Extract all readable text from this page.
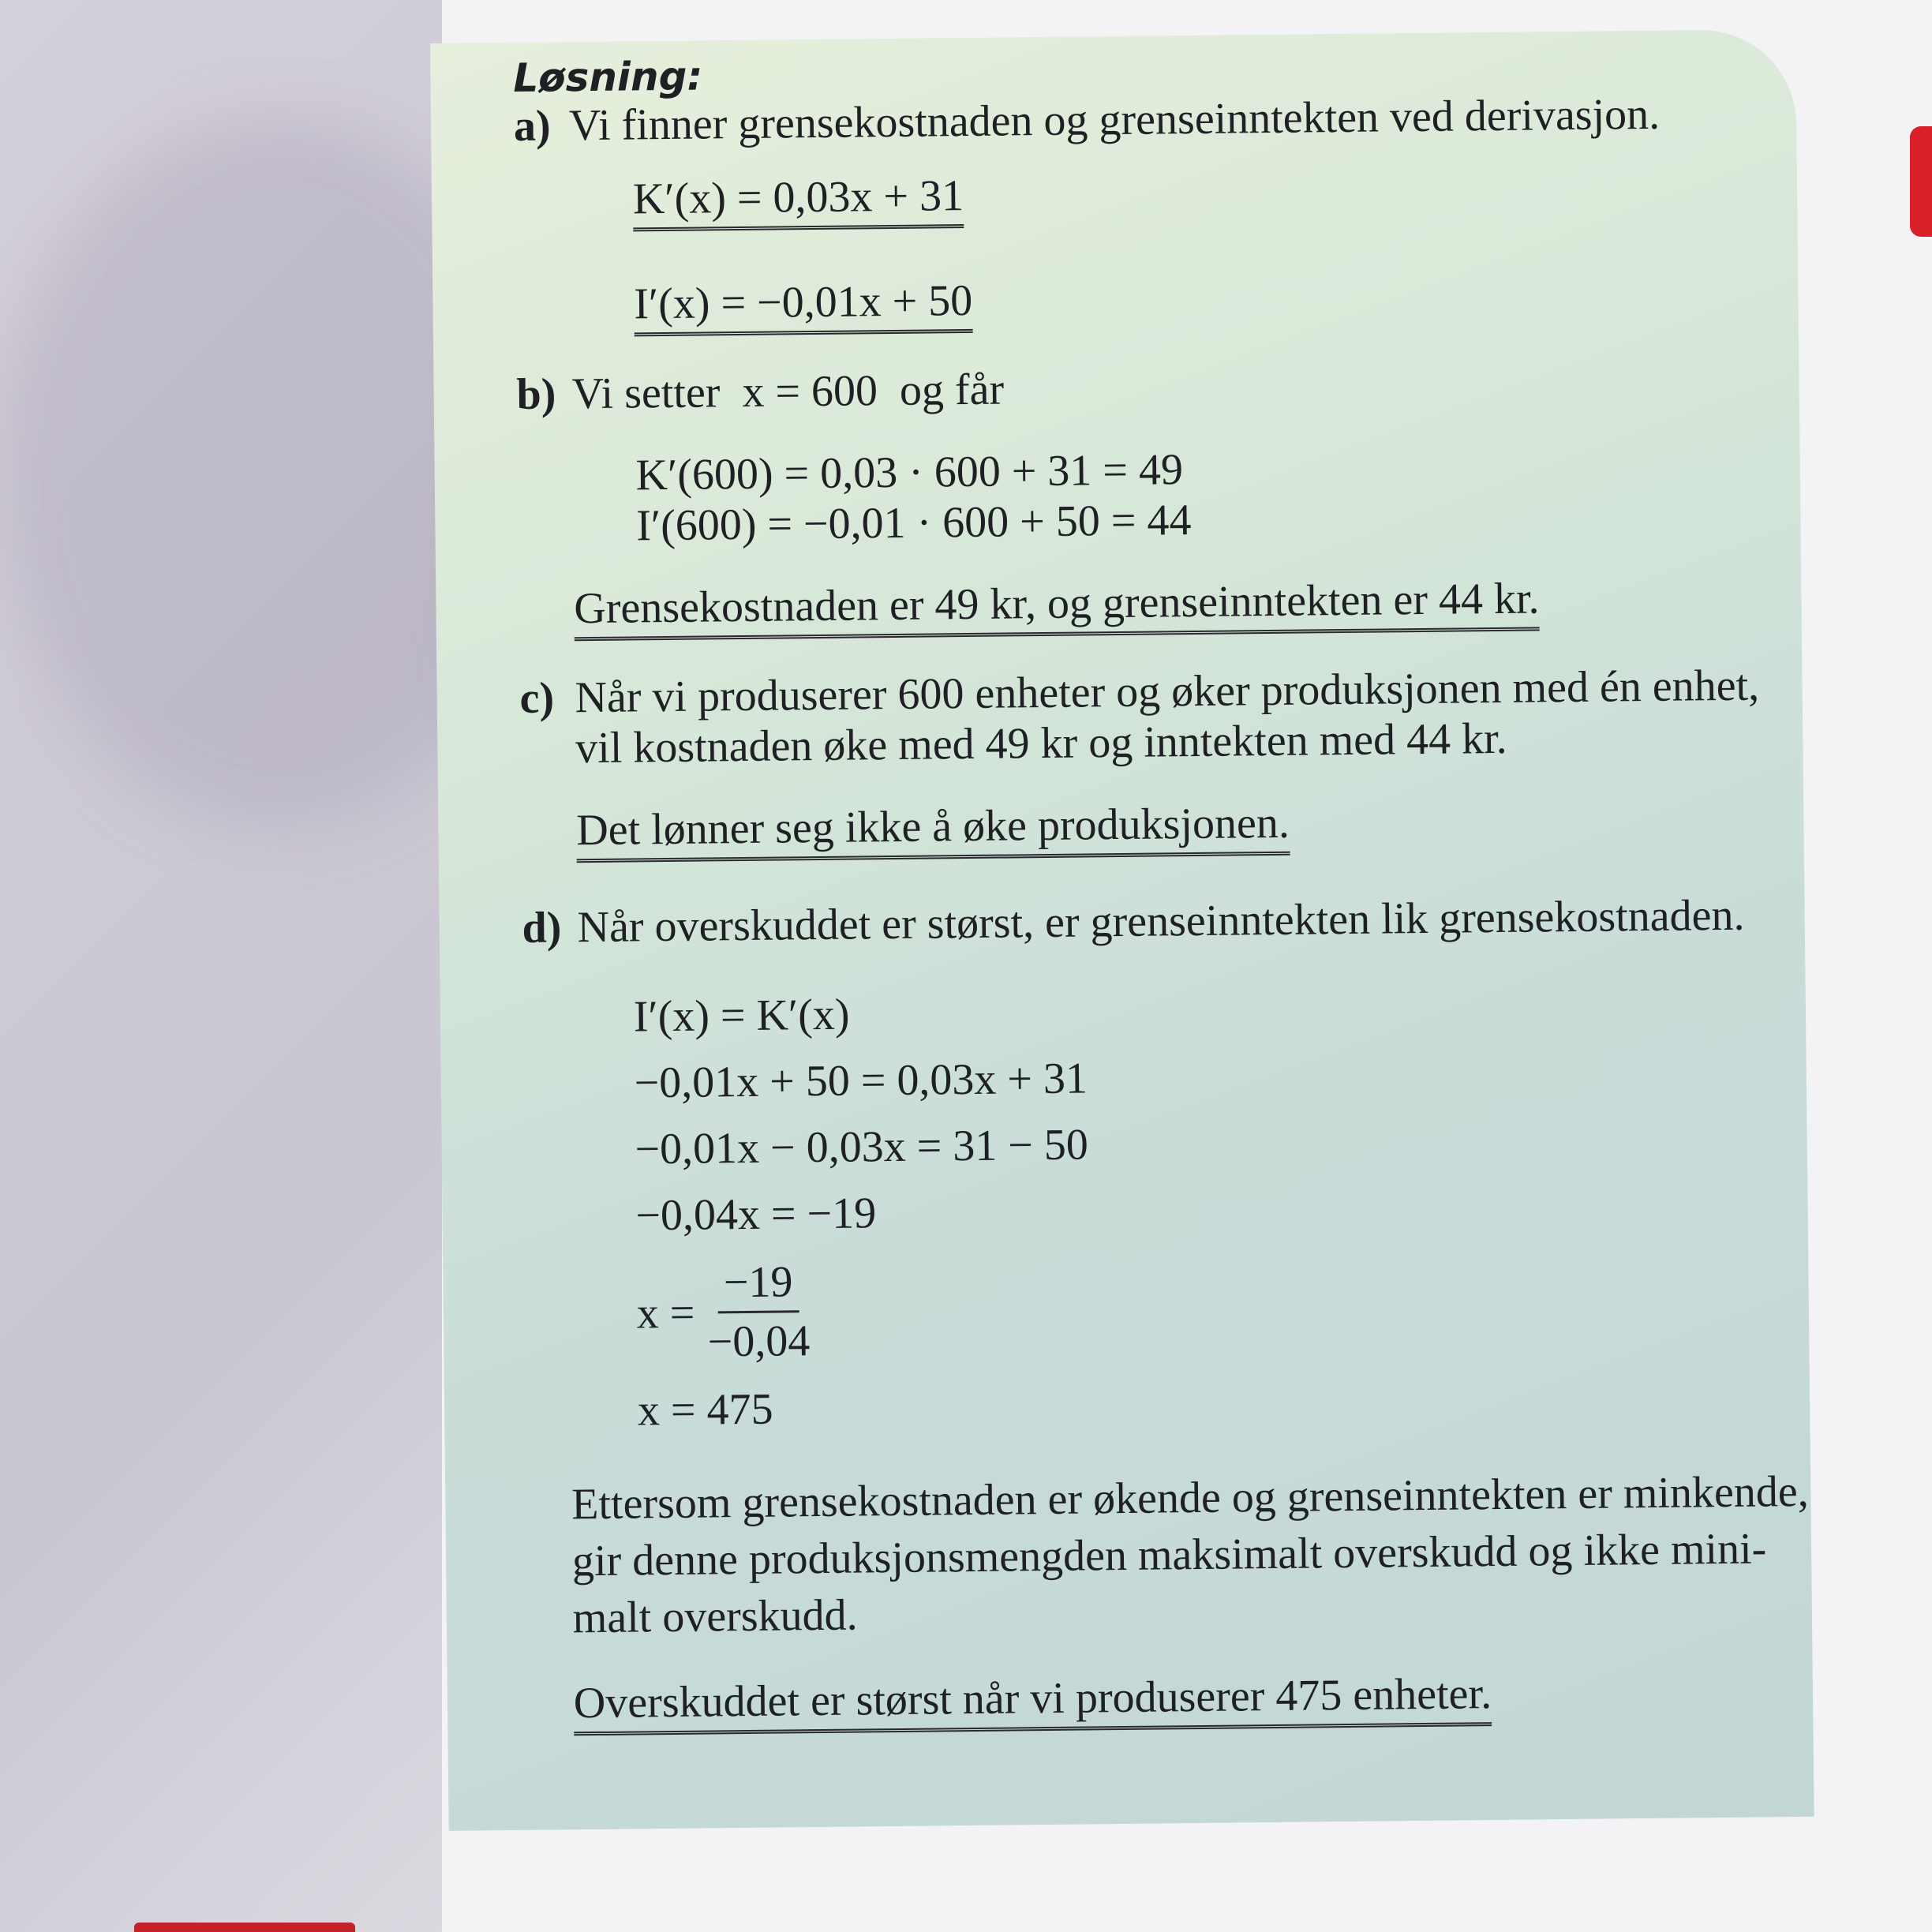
Løsning:

a) Vi finner grensekostnaden og grenseinntekten ved derivasjon.
K′(x) = 0,03x + 31
I′(x) = −0,01x + 50
b) Vi setter  x = 600  og får
K′(600) = 0,03 · 600 + 31 = 49
I′(600) = −0,01 · 600 + 50 = 44
Grensekostnaden er 49 kr, og grenseinntekten er 44 kr.
c) Når vi produserer 600 enheter og øker produksjonen med én enhet,
vil kostnaden øke med 49 kr og inntekten med 44 kr.
Det lønner seg ikke å øke produksjonen.
d) Når overskuddet er størst, er grenseinntekten lik grensekostnaden.
I′(x) = K′(x)
−0,01x + 50 = 0,03x + 31
−0,01x − 0,03x = 31 − 50
−0,04x = −19
$x = \frac{-19}{-0,04}$
x = 475
Ettersom grensekostnaden er økende og grenseinntekten er minkende,
gir denne produksjonsmengden maksimalt overskudd og ikke mini-
malt overskudd.
Overskuddet er størst når vi produserer 475 enheter.
